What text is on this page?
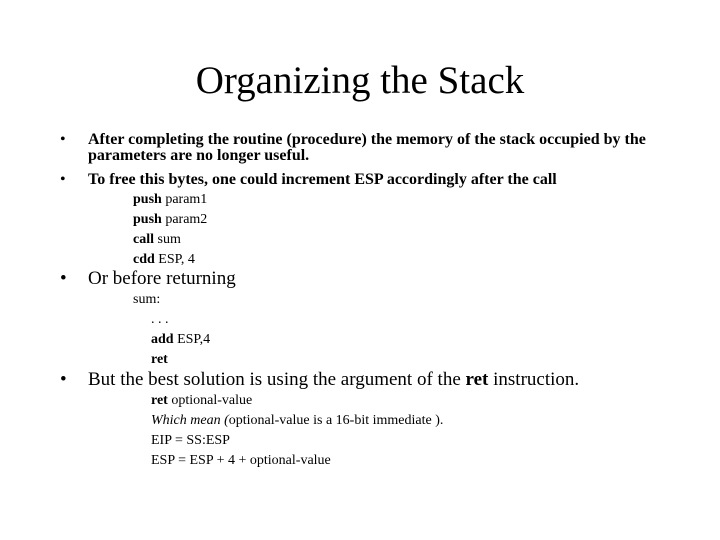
Organizing the Stack
• After completing the routine (procedure) the memory of the stack occupied by the parameters are no longer useful.
• To free this bytes, one could increment ESP accordingly after the call
push param1
push param2
call sum
cdd ESP, 4
• Or before returning
sum:
. . .
add ESP,4
ret
• But the best solution is using the argument of the ret instruction.
ret optional-value
Which mean (optional-value is a 16-bit immediate ).
EIP = SS:ESP
ESP = ESP + 4 + optional-value
